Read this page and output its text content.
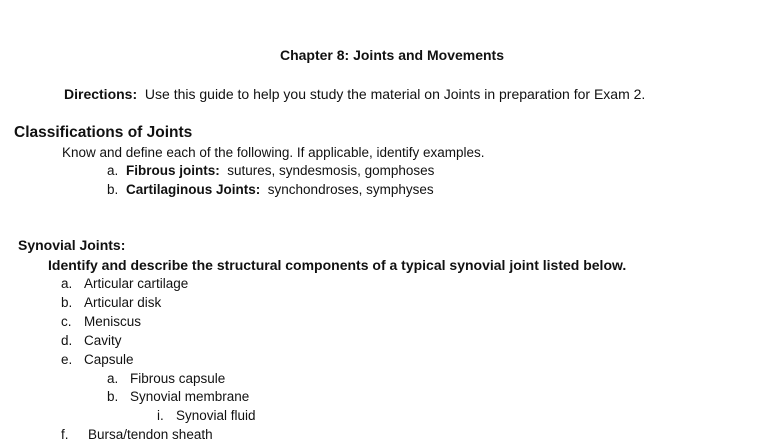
Chapter 8: Joints and Movements
Directions: Use this guide to help you study the material on Joints in preparation for Exam 2.
Classifications of Joints
Know and define each of the following. If applicable, identify examples.
a. Fibrous joints: sutures, syndesmosis, gomphoses
b. Cartilaginous Joints: synchondroses, symphyses
Synovial Joints:
Identify and describe the structural components of a typical synovial joint listed below.
a. Articular cartilage
b. Articular disk
c. Meniscus
d. Cavity
e. Capsule
a. Fibrous capsule
b. Synovial membrane
i. Synovial fluid
f. Bursa/tendon sheath
